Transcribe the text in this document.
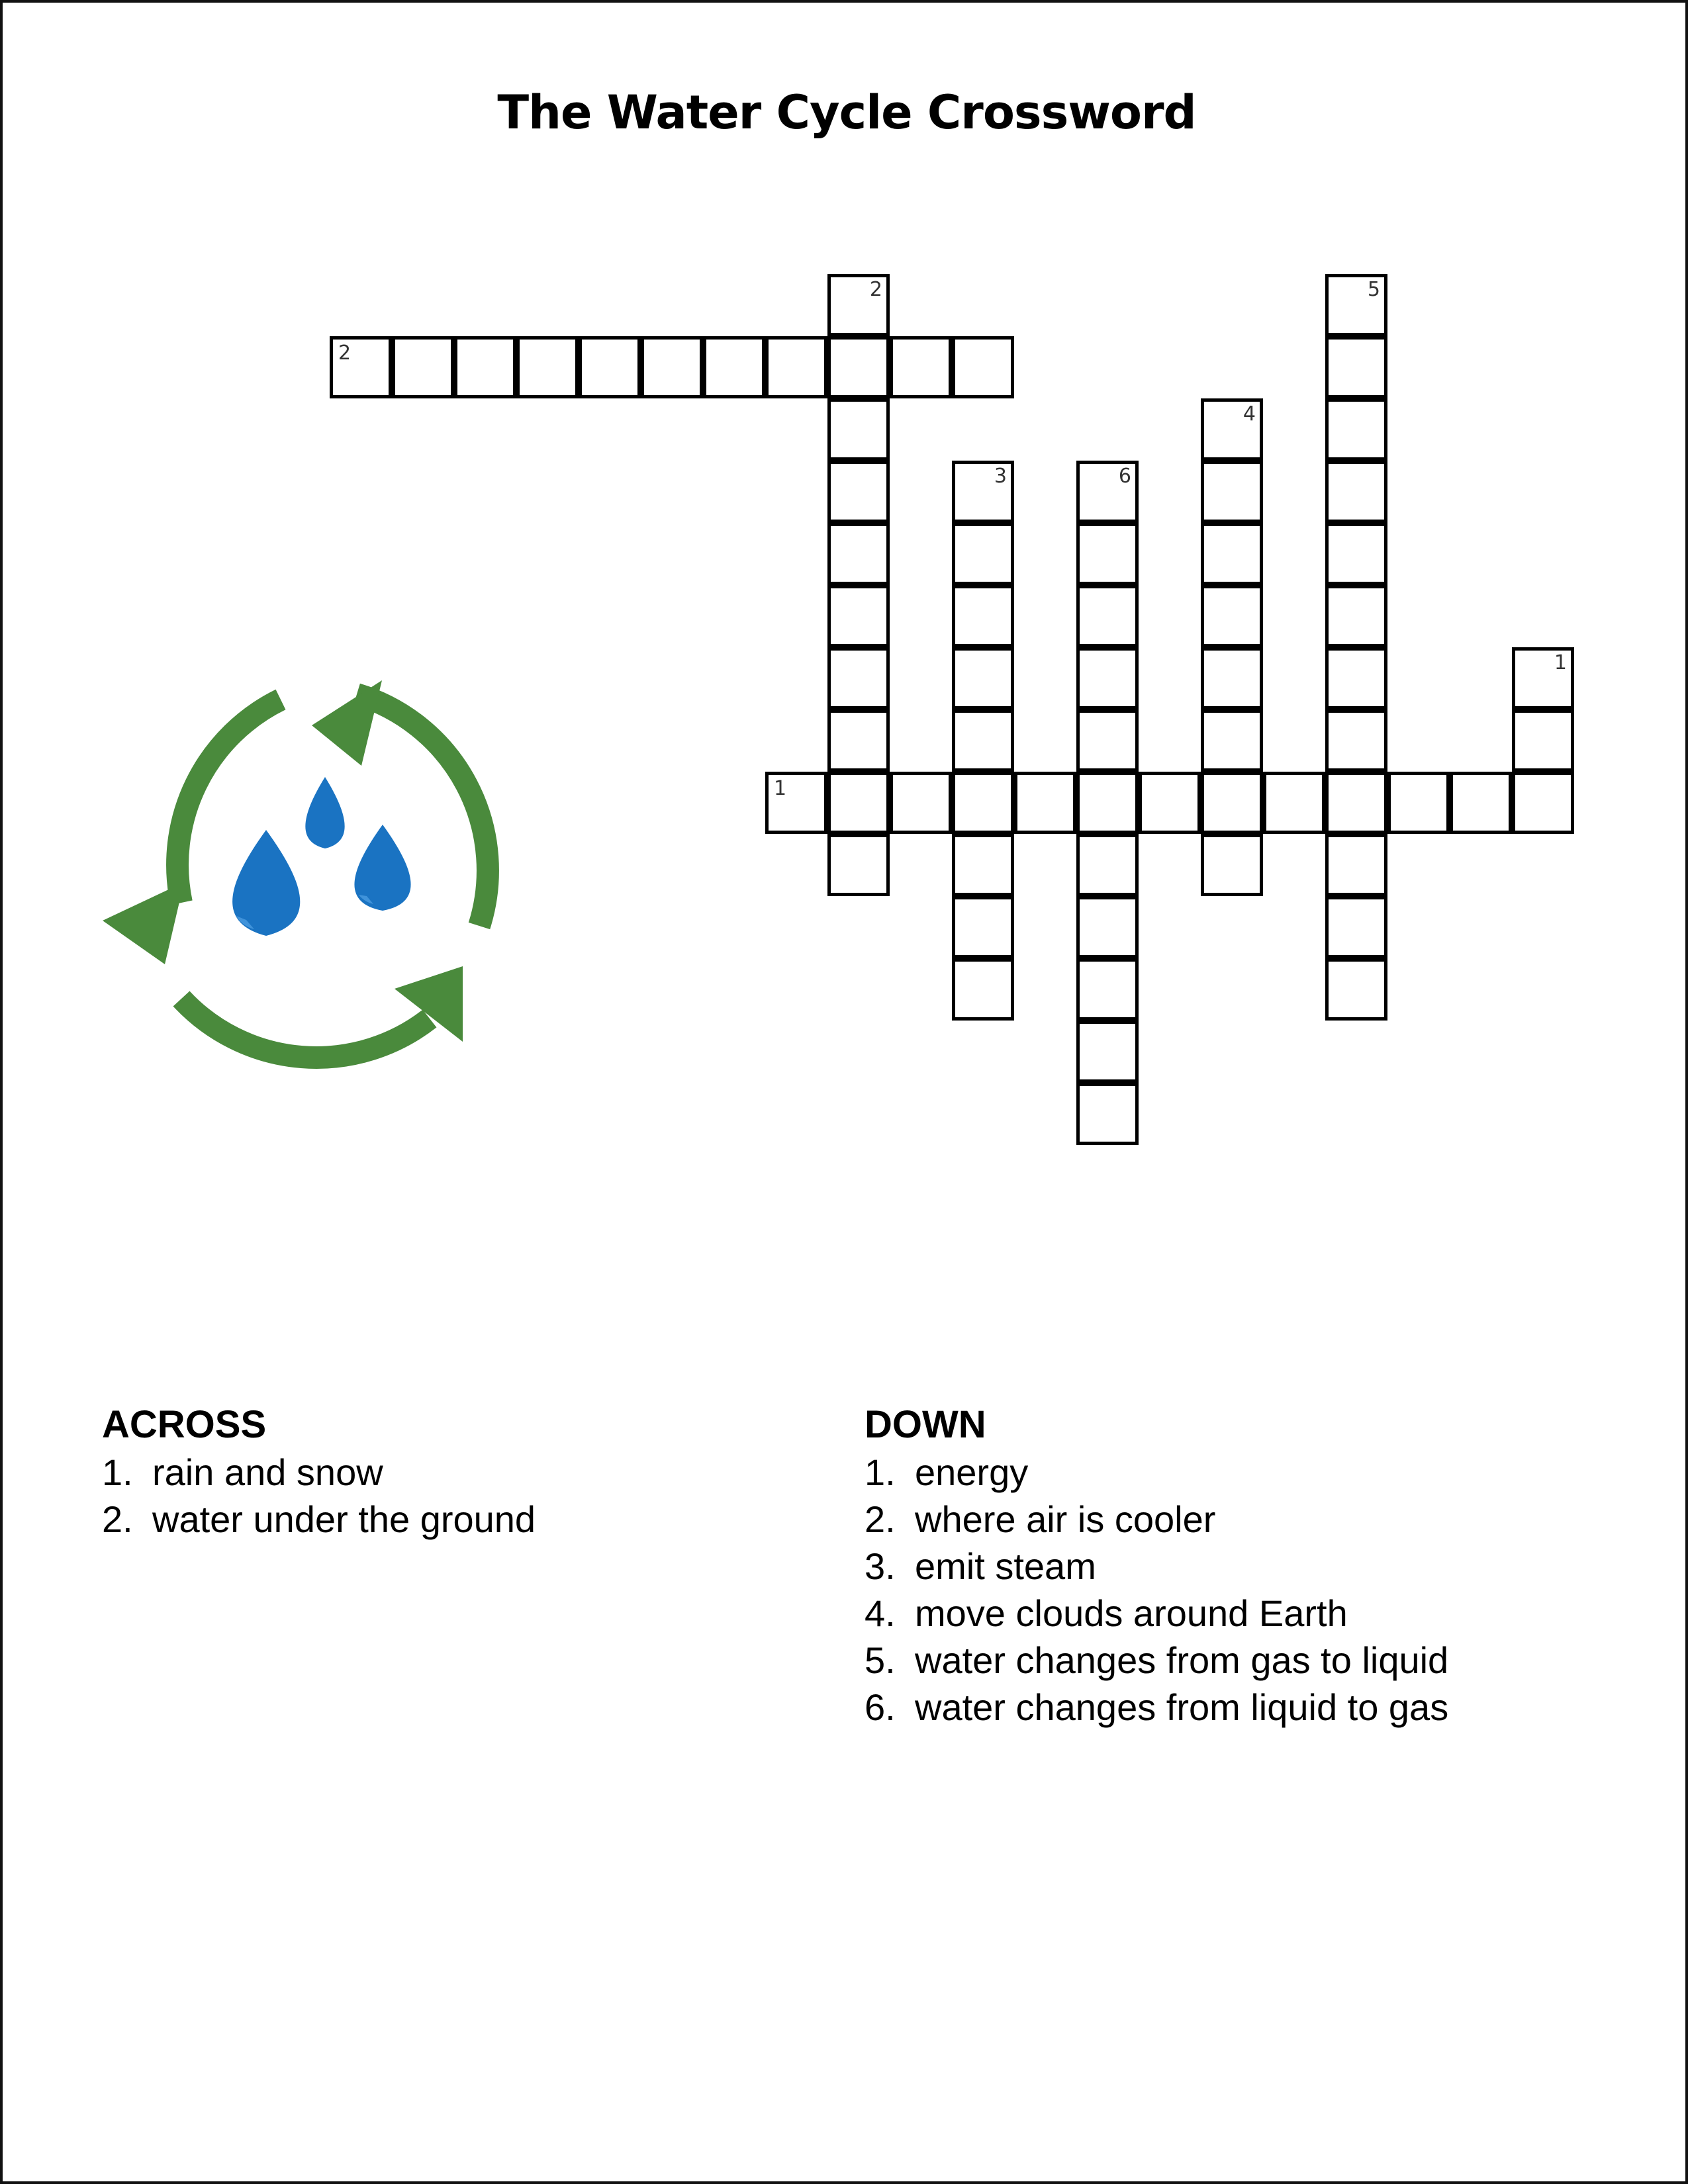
The Water Cycle Crossword
2
1
2
3	6
4
5
1
ACROSS
1. rain and snow
2. water under the ground
DOWN
1. energy
2. where air is cooler
3. emit steam
4. move clouds around Earth
5. water changes from gas to liquid
6. water changes from liquid to gas
